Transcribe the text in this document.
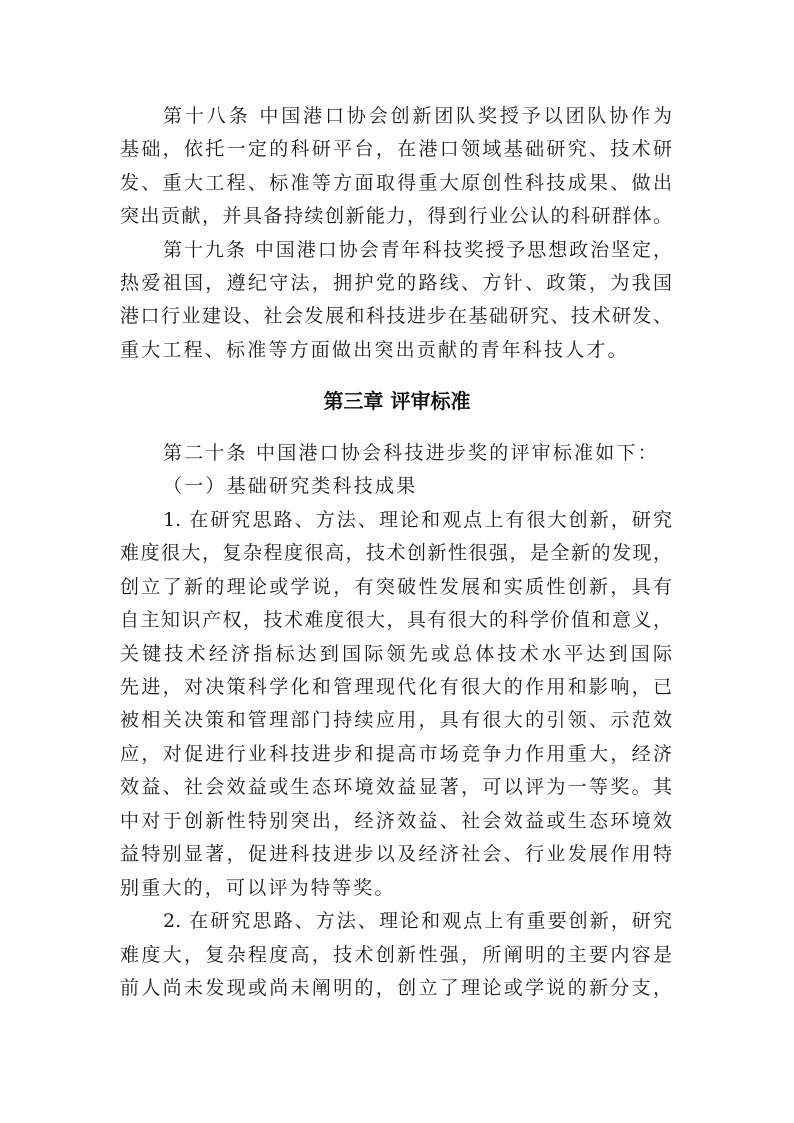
第十八条 中国港口协会创新团队奖授予以团队协作为
基础，依托一定的科研平台，在港口领域基础研究、技术研
发、重大工程、标准等方面取得重大原创性科技成果、做出
突出贡献，并具备持续创新能力，得到行业公认的科研群体。
第十九条 中国港口协会青年科技奖授予思想政治坚定，
热爱祖国，遵纪守法，拥护党的路线、方针、政策，为我国
港口行业建设、社会发展和科技进步在基础研究、技术研发、
重大工程、标准等方面做出突出贡献的青年科技人才。
第三章 评审标准
第二十条 中国港口协会科技进步奖的评审标准如下：
（一）基础研究类科技成果
1. 在研究思路、方法、理论和观点上有很大创新，研究
难度很大，复杂程度很高，技术创新性很强，是全新的发现，
创立了新的理论或学说，有突破性发展和实质性创新，具有
自主知识产权，技术难度很大，具有很大的科学价值和意义，
关键技术经济指标达到国际领先或总体技术水平达到国际
先进，对决策科学化和管理现代化有很大的作用和影响，已
被相关决策和管理部门持续应用，具有很大的引领、示范效
应，对促进行业科技进步和提高市场竞争力作用重大，经济
效益、社会效益或生态环境效益显著，可以评为一等奖。其
中对于创新性特别突出，经济效益、社会效益或生态环境效
益特别显著，促进科技进步以及经济社会、行业发展作用特
别重大的，可以评为特等奖。
2. 在研究思路、方法、理论和观点上有重要创新，研究
难度大，复杂程度高，技术创新性强，所阐明的主要内容是
前人尚未发现或尚未阐明的，创立了理论或学说的新分支，
